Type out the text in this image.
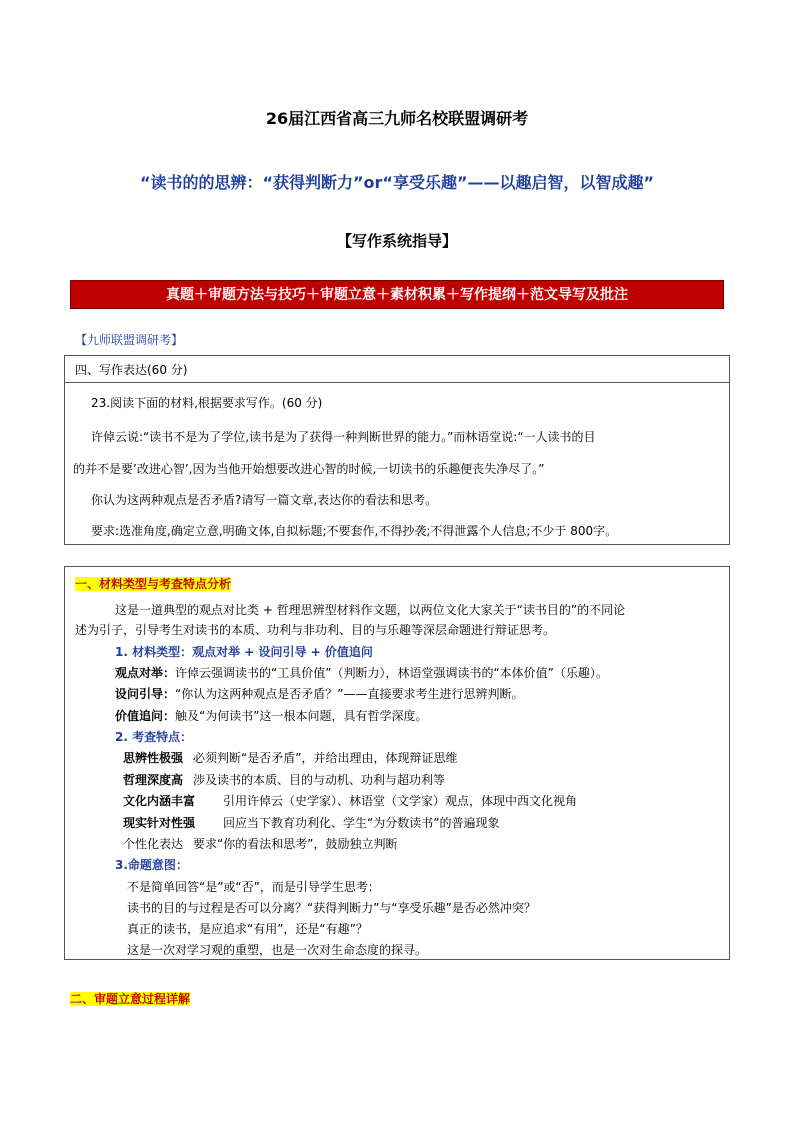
26届江西省高三九师名校联盟调研考
“读书的的思辨：“获得判断力”or“享受乐趣”——以趣启智，以智成趣”
【写作系统指导】
真题＋审题方法与技巧＋审题立意＋素材积累＋写作提纲＋范文导写及批注
【九师联盟调研考】
四、写作表达(60 分)
23.阅读下面的材料,根据要求写作。(60 分)
许倬云说:“读书不是为了学位,读书是为了获得一种判断世界的能力。”而林语堂说:“一人读书的目
的并不是要’改进心智’,因为当他开始想要改进心智的时候,一切读书的乐趣便丧失净尽了。”
你认为这两种观点是否矛盾?请写一篇文章,表达你的看法和思考。
要求:选准角度,确定立意,明确文体,自拟标题;不要套作,不得抄袭;不得泄露个人信息;不少于 800字。
一、材料类型与考查特点分析
这是一道典型的观点对比类 + 哲理思辨型材料作文题，以两位文化大家关于“读书目的”的不同论
述为引子，引导考生对读书的本质、功利与非功利、目的与乐趣等深层命题进行辩证思考。
1. 材料类型：观点对举 + 设问引导 + 价值追问
观点对举：许倬云强调读书的“工具价值”（判断力），林语堂强调读书的“本体价值”（乐趣）。
设问引导：“你认为这两种观点是否矛盾？”——直接要求考生进行思辨判断。
价值追问：触及“为何读书”这一根本问题，具有哲学深度。
2. 考查特点：
思辨性极强 必须判断“是否矛盾”，并给出理由，体现辩证思维
哲理深度高 涉及读书的本质、目的与动机、功利与超功利等
文化内涵丰富 引用许倬云（史学家）、林语堂（文学家）观点，体现中西文化视角
现实针对性强 回应当下教育功利化、学生“为分数读书”的普遍现象
个性化表达 要求“你的看法和思考”，鼓励独立判断
3.命题意图：
不是简单回答“是”或“否”，而是引导学生思考：
读书的目的与过程是否可以分离？“获得判断力”与“享受乐趣”是否必然冲突？
真正的读书，是应追求“有用”，还是“有趣”？
这是一次对学习观的重塑，也是一次对生命态度的探寻。
二、审题立意过程详解
